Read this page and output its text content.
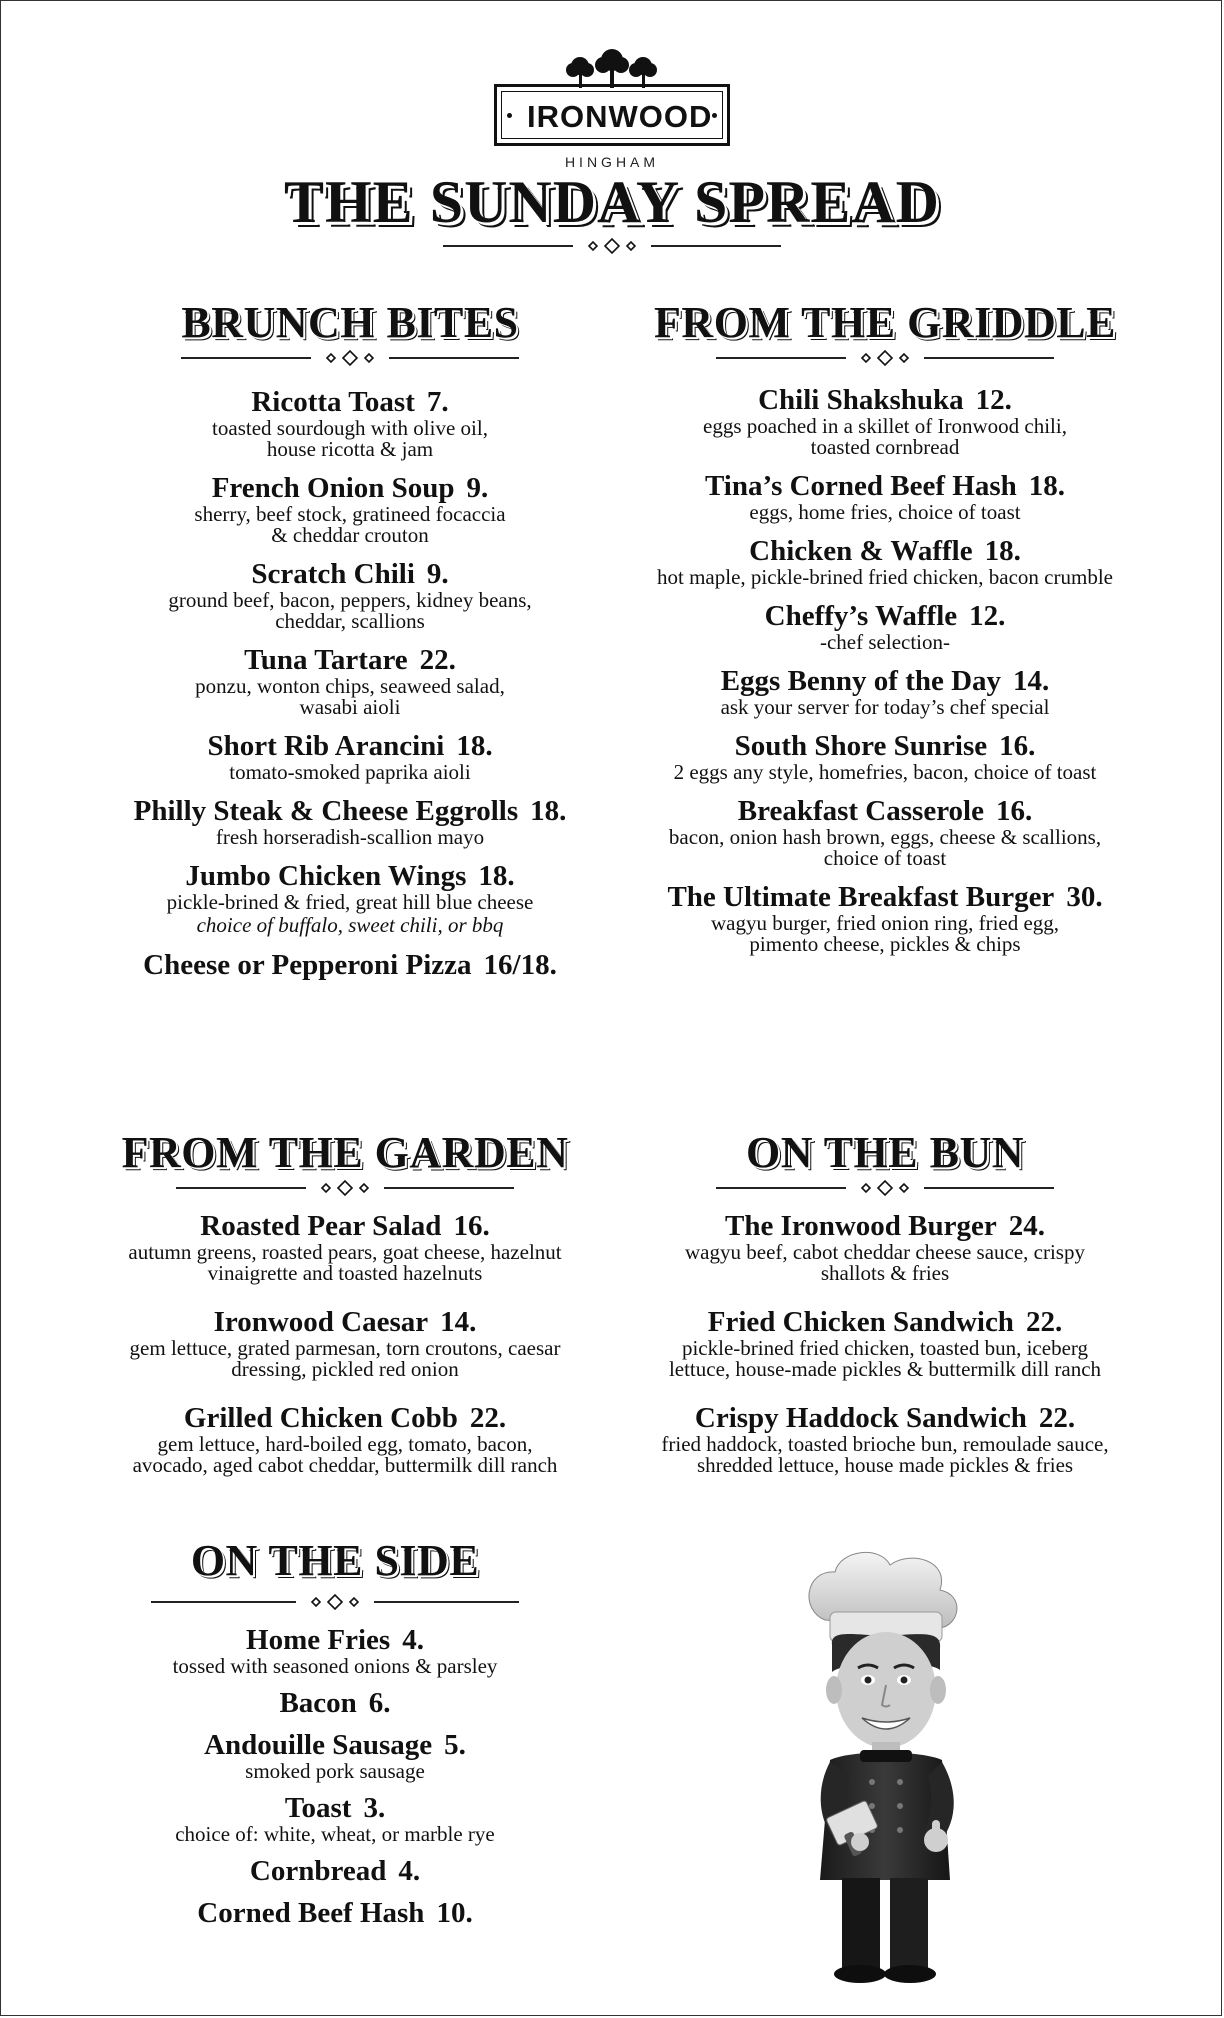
IRONWOOD
HINGHAM
THE SUNDAY SPREAD
BRUNCH BITES
Ricotta Toast 7.
toasted sourdough with olive oil,
house ricotta & jam
French Onion Soup 9.
sherry, beef stock, gratineed focaccia
& cheddar crouton
Scratch Chili 9.
ground beef, bacon, peppers, kidney beans,
cheddar, scallions
Tuna Tartare 22.
ponzu, wonton chips, seaweed salad,
wasabi aioli
Short Rib Arancini 18.
tomato-smoked paprika aioli
Philly Steak & Cheese Eggrolls 18.
fresh horseradish-scallion mayo
Jumbo Chicken Wings 18.
pickle-brined & fried, great hill blue cheese
choice of buffalo, sweet chili, or bbq
Cheese or Pepperoni Pizza 16/18.
FROM THE GRIDDLE
Chili Shakshuka 12.
eggs poached in a skillet of Ironwood chili,
toasted cornbread
Tina’s Corned Beef Hash 18.
eggs, home fries, choice of toast
Chicken & Waffle 18.
hot maple, pickle-brined fried chicken, bacon crumble
Cheffy’s Waffle 12.
-chef selection-
Eggs Benny of the Day 14.
ask your server for today’s chef special
South Shore Sunrise 16.
2 eggs any style, homefries, bacon, choice of toast
Breakfast Casserole 16.
bacon, onion hash brown, eggs, cheese & scallions,
choice of toast
The Ultimate Breakfast Burger 30.
wagyu burger, fried onion ring, fried egg,
pimento cheese, pickles & chips
FROM THE GARDEN
Roasted Pear Salad 16.
autumn greens, roasted pears, goat cheese, hazelnut
vinaigrette and toasted hazelnuts
Ironwood Caesar 14.
gem lettuce, grated parmesan, torn croutons, caesar
dressing, pickled red onion
Grilled Chicken Cobb 22.
gem lettuce, hard-boiled egg, tomato, bacon,
avocado, aged cabot cheddar, buttermilk dill ranch
ON THE BUN
The Ironwood Burger 24.
wagyu beef, cabot cheddar cheese sauce, crispy
shallots & fries
Fried Chicken Sandwich 22.
pickle-brined fried chicken, toasted bun, iceberg
lettuce, house-made pickles & buttermilk dill ranch
Crispy Haddock Sandwich 22.
fried haddock, toasted brioche bun, remoulade sauce,
shredded lettuce, house made pickles & fries
ON THE SIDE
Home Fries 4.
tossed with seasoned onions & parsley
Bacon 6.
Andouille Sausage 5.
smoked pork sausage
Toast 3.
choice of: white, wheat, or marble rye
Cornbread 4.
Corned Beef Hash 10.
